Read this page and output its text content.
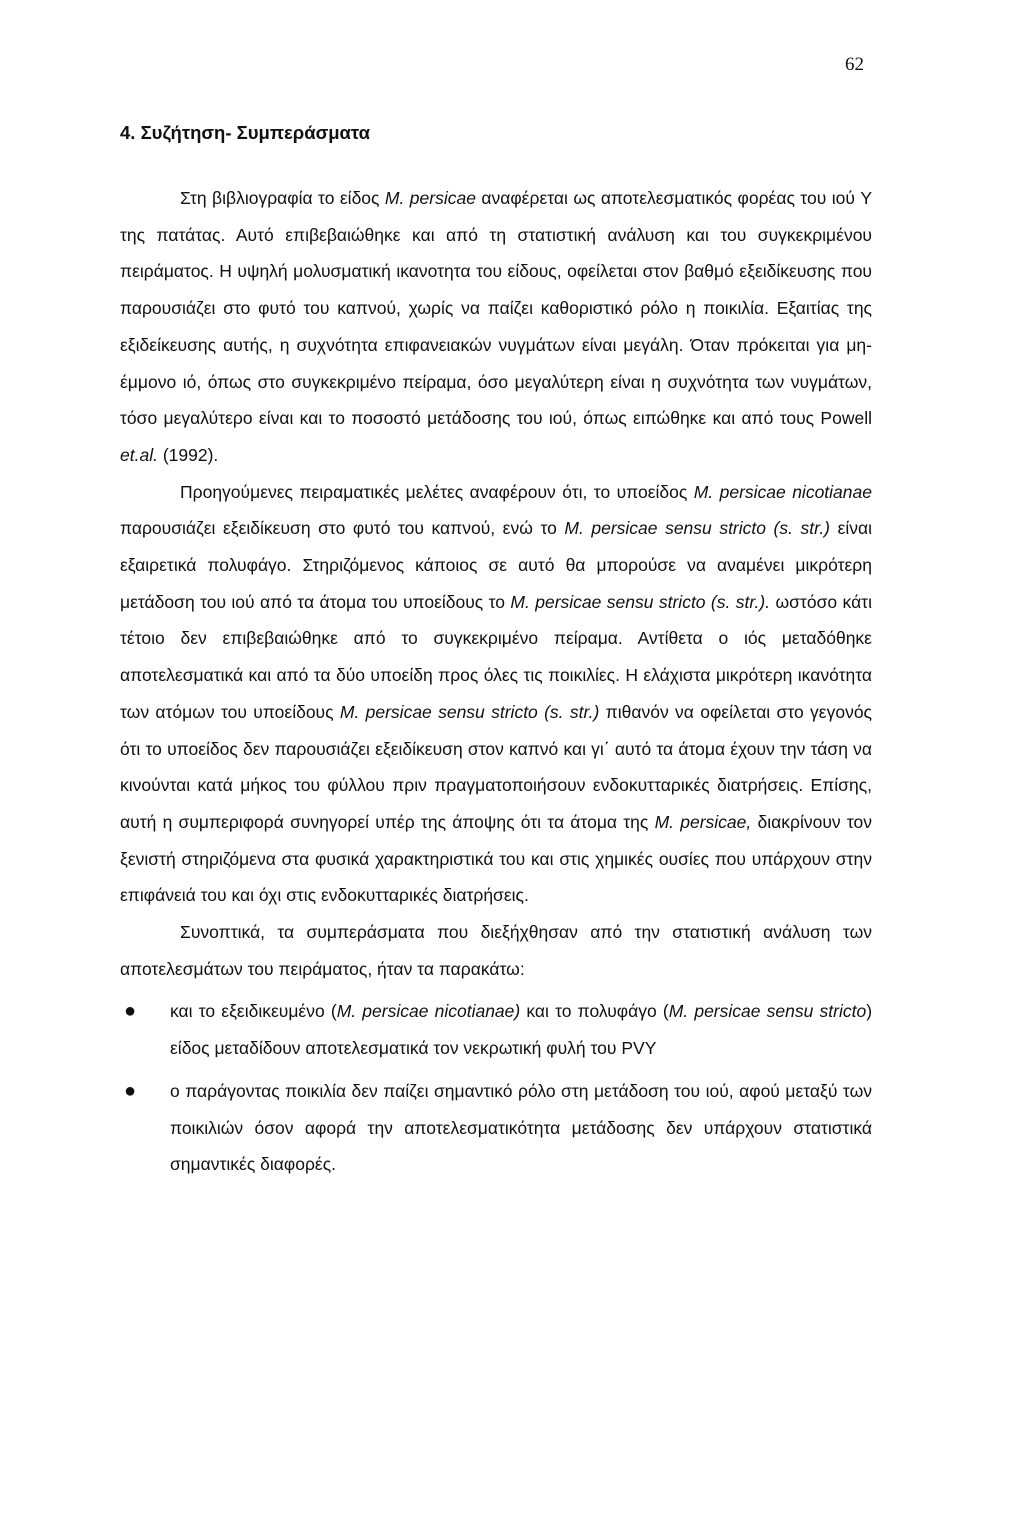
62
4. Συζήτηση- Συμπεράσματα

Στη βιβλιογραφία το είδος M. persicae αναφέρεται ως αποτελεσματικός φορέας του ιού Y της πατάτας. Αυτό επιβεβαιώθηκε και από τη στατιστική ανάλυση και του συγκεκριμένου πειράματος. Η υψηλή μολυσματική ικανοτητα του είδους, οφείλεται στον βαθμό εξειδίκευσης που παρουσιάζει στο φυτό του καπνού, χωρίς να παίζει καθοριστικό ρόλο η ποικιλία. Εξαιτίας της εξιδείκευσης αυτής, η συχνότητα επιφανειακών νυγμάτων είναι μεγάλη. Όταν πρόκειται για μη- έμμονο ιό, όπως στο συγκεκριμένο πείραμα, όσο μεγαλύτερη είναι η συχνότητα των νυγμάτων, τόσο μεγαλύτερο είναι και το ποσοστό μετάδοσης του ιού, όπως ειπώθηκε και από τους Powell et.al. (1992).

Προηγούμενες πειραματικές μελέτες αναφέρουν ότι, το υποείδος M. persicae nicotianae παρουσιάζει εξειδίκευση στο φυτό του καπνού, ενώ το M. persicae sensu stricto (s. str.) είναι εξαιρετικά πολυφάγο. Στηριζόμενος κάποιος σε αυτό θα μπορούσε να αναμένει μικρότερη μετάδοση του ιού από τα άτομα του υποείδους το M. persicae sensu stricto (s. str.). ωστόσο κάτι τέτοιο δεν επιβεβαιώθηκε από το συγκεκριμένο πείραμα. Αντίθετα ο ιός μεταδόθηκε αποτελεσματικά και από τα δύο υποείδη προς όλες τις ποικιλίες. Η ελάχιστα μικρότερη ικανότητα των ατόμων του υποείδους M. persicae sensu stricto (s. str.) πιθανόν να οφείλεται στο γεγονός ότι το υποείδος δεν παρουσιάζει εξειδίκευση στον καπνό και γι΄ αυτό τα άτομα έχουν την τάση να κινούνται κατά μήκος του φύλλου πριν πραγματοποιήσουν ενδοκυτταρικές διατρήσεις. Επίσης, αυτή η συμπεριφορά συνηγορεί υπέρ της άποψης ότι τα άτομα της M. persicae, διακρίνουν τον ξενιστή στηριζόμενα στα φυσικά χαρακτηριστικά του και στις χημικές ουσίες που υπάρχουν στην επιφάνειά του και όχι στις ενδοκυτταρικές διατρήσεις.

Συνοπτικά, τα συμπεράσματα που διεξήχθησαν από την στατιστική ανάλυση των αποτελεσμάτων του πειράματος, ήταν τα παρακάτω:

● και το εξειδικευμένο (M. persicae nicotianae) και το πολυφάγο (M. persicae sensu stricto) είδος μεταδίδουν αποτελεσματικά τον νεκρωτική φυλή του PVY
● ο παράγοντας ποικιλία δεν παίζει σημαντικό ρόλο στη μετάδοση του ιού, αφού μεταξύ των ποικιλιών όσον αφορά την αποτελεσματικότητα μετάδοσης δεν υπάρχουν στατιστικά σημαντικές διαφορές.
